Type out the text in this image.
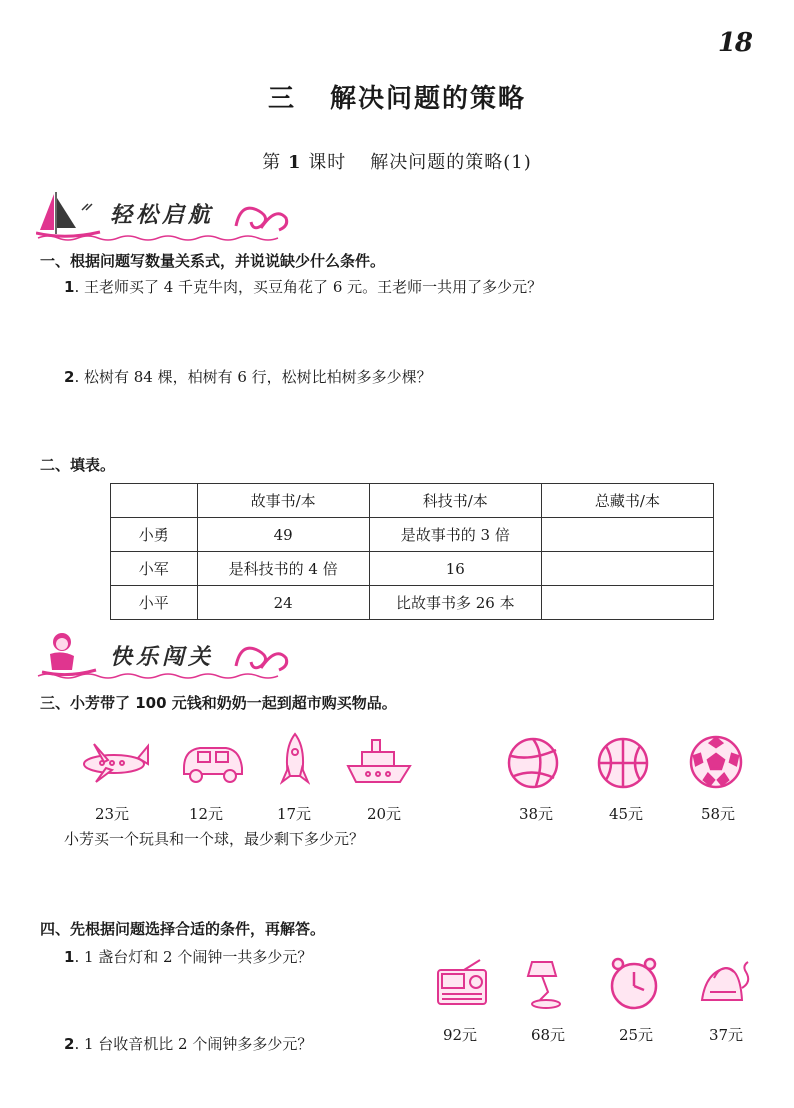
18
三 解决问题的策略
第 1 课时 解决问题的策略(1)
轻松启航
一、根据问题写数量关系式，并说说缺少什么条件。
1. 王老师买了 4 千克牛肉，买豆角花了 6 元。王老师一共用了多少元？
2. 松树有 84 棵，柏树有 6 行，松树比柏树多多少棵？
二、填表。
	故事书/本	科技书/本	总藏书/本
小勇	49	是故事书的 3 倍	
小军	是科技书的 4 倍	16	
小平	24	比故事书多 26 本	
快乐闯关
三、小芳带了 100 元钱和奶奶一起到超市购买物品。
23元	12元	17元	20元	38元	45元	58元
小芳买一个玩具和一个球，最少剩下多少元？
四、先根据问题选择合适的条件，再解答。
1. 1 盏台灯和 2 个闹钟一共多少元？
2. 1 台收音机比 2 个闹钟多多少元？	92元	68元	25元	37元
